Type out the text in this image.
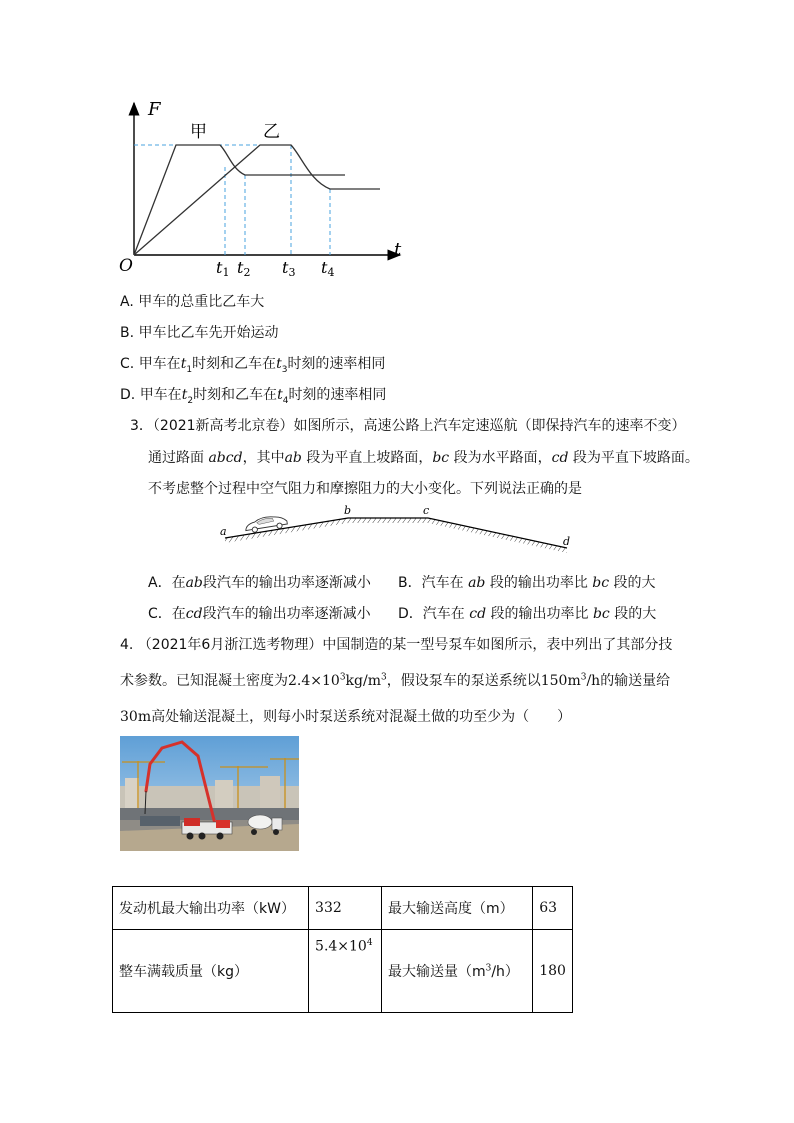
F
t
O
甲	乙
t1 t2 t3 t4
A. 甲车的总重比乙车大
B. 甲车比乙车先开始运动
C. 甲车在$t_1$时刻和乙车在$t_3$时刻的速率相同
D. 甲车在$t_2$时刻和乙车在$t_4$时刻的速率相同
3．（2021新高考北京卷）如图所示，高速公路上汽车定速巡航（即保持汽车的速率不变）
通过路面 abcd，其中ab 段为平直上坡路面，bc 段为水平路面，cd 段为平直下坡路面。
不考虑整个过程中空气阻力和摩擦阻力的大小变化。下列说法正确的是
a
b	c
d
A．在ab段汽车的输出功率逐渐减小 B．汽车在 ab 段的输出功率比 bc 段的大
C．在cd段汽车的输出功率逐渐减小 D．汽车在 cd 段的输出功率比 bc 段的大
4. （2021年6月浙江选考物理）中国制造的某一型号泵车如图所示，表中列出了其部分技
术参数。已知混凝土密度为$2.4\times 10^3kg/m^3$，假设泵车的泵送系统以$150m^3/h$的输送量给
30m高处输送混凝土，则每小时泵送系统对混凝土做的功至少为（　　）
发动机最大输出功率（kW）	332	最大输送高度（m）	63
整车满载质量（kg）	$5.4\times 10^4$	最大输送量$(m^3/h)$	180
